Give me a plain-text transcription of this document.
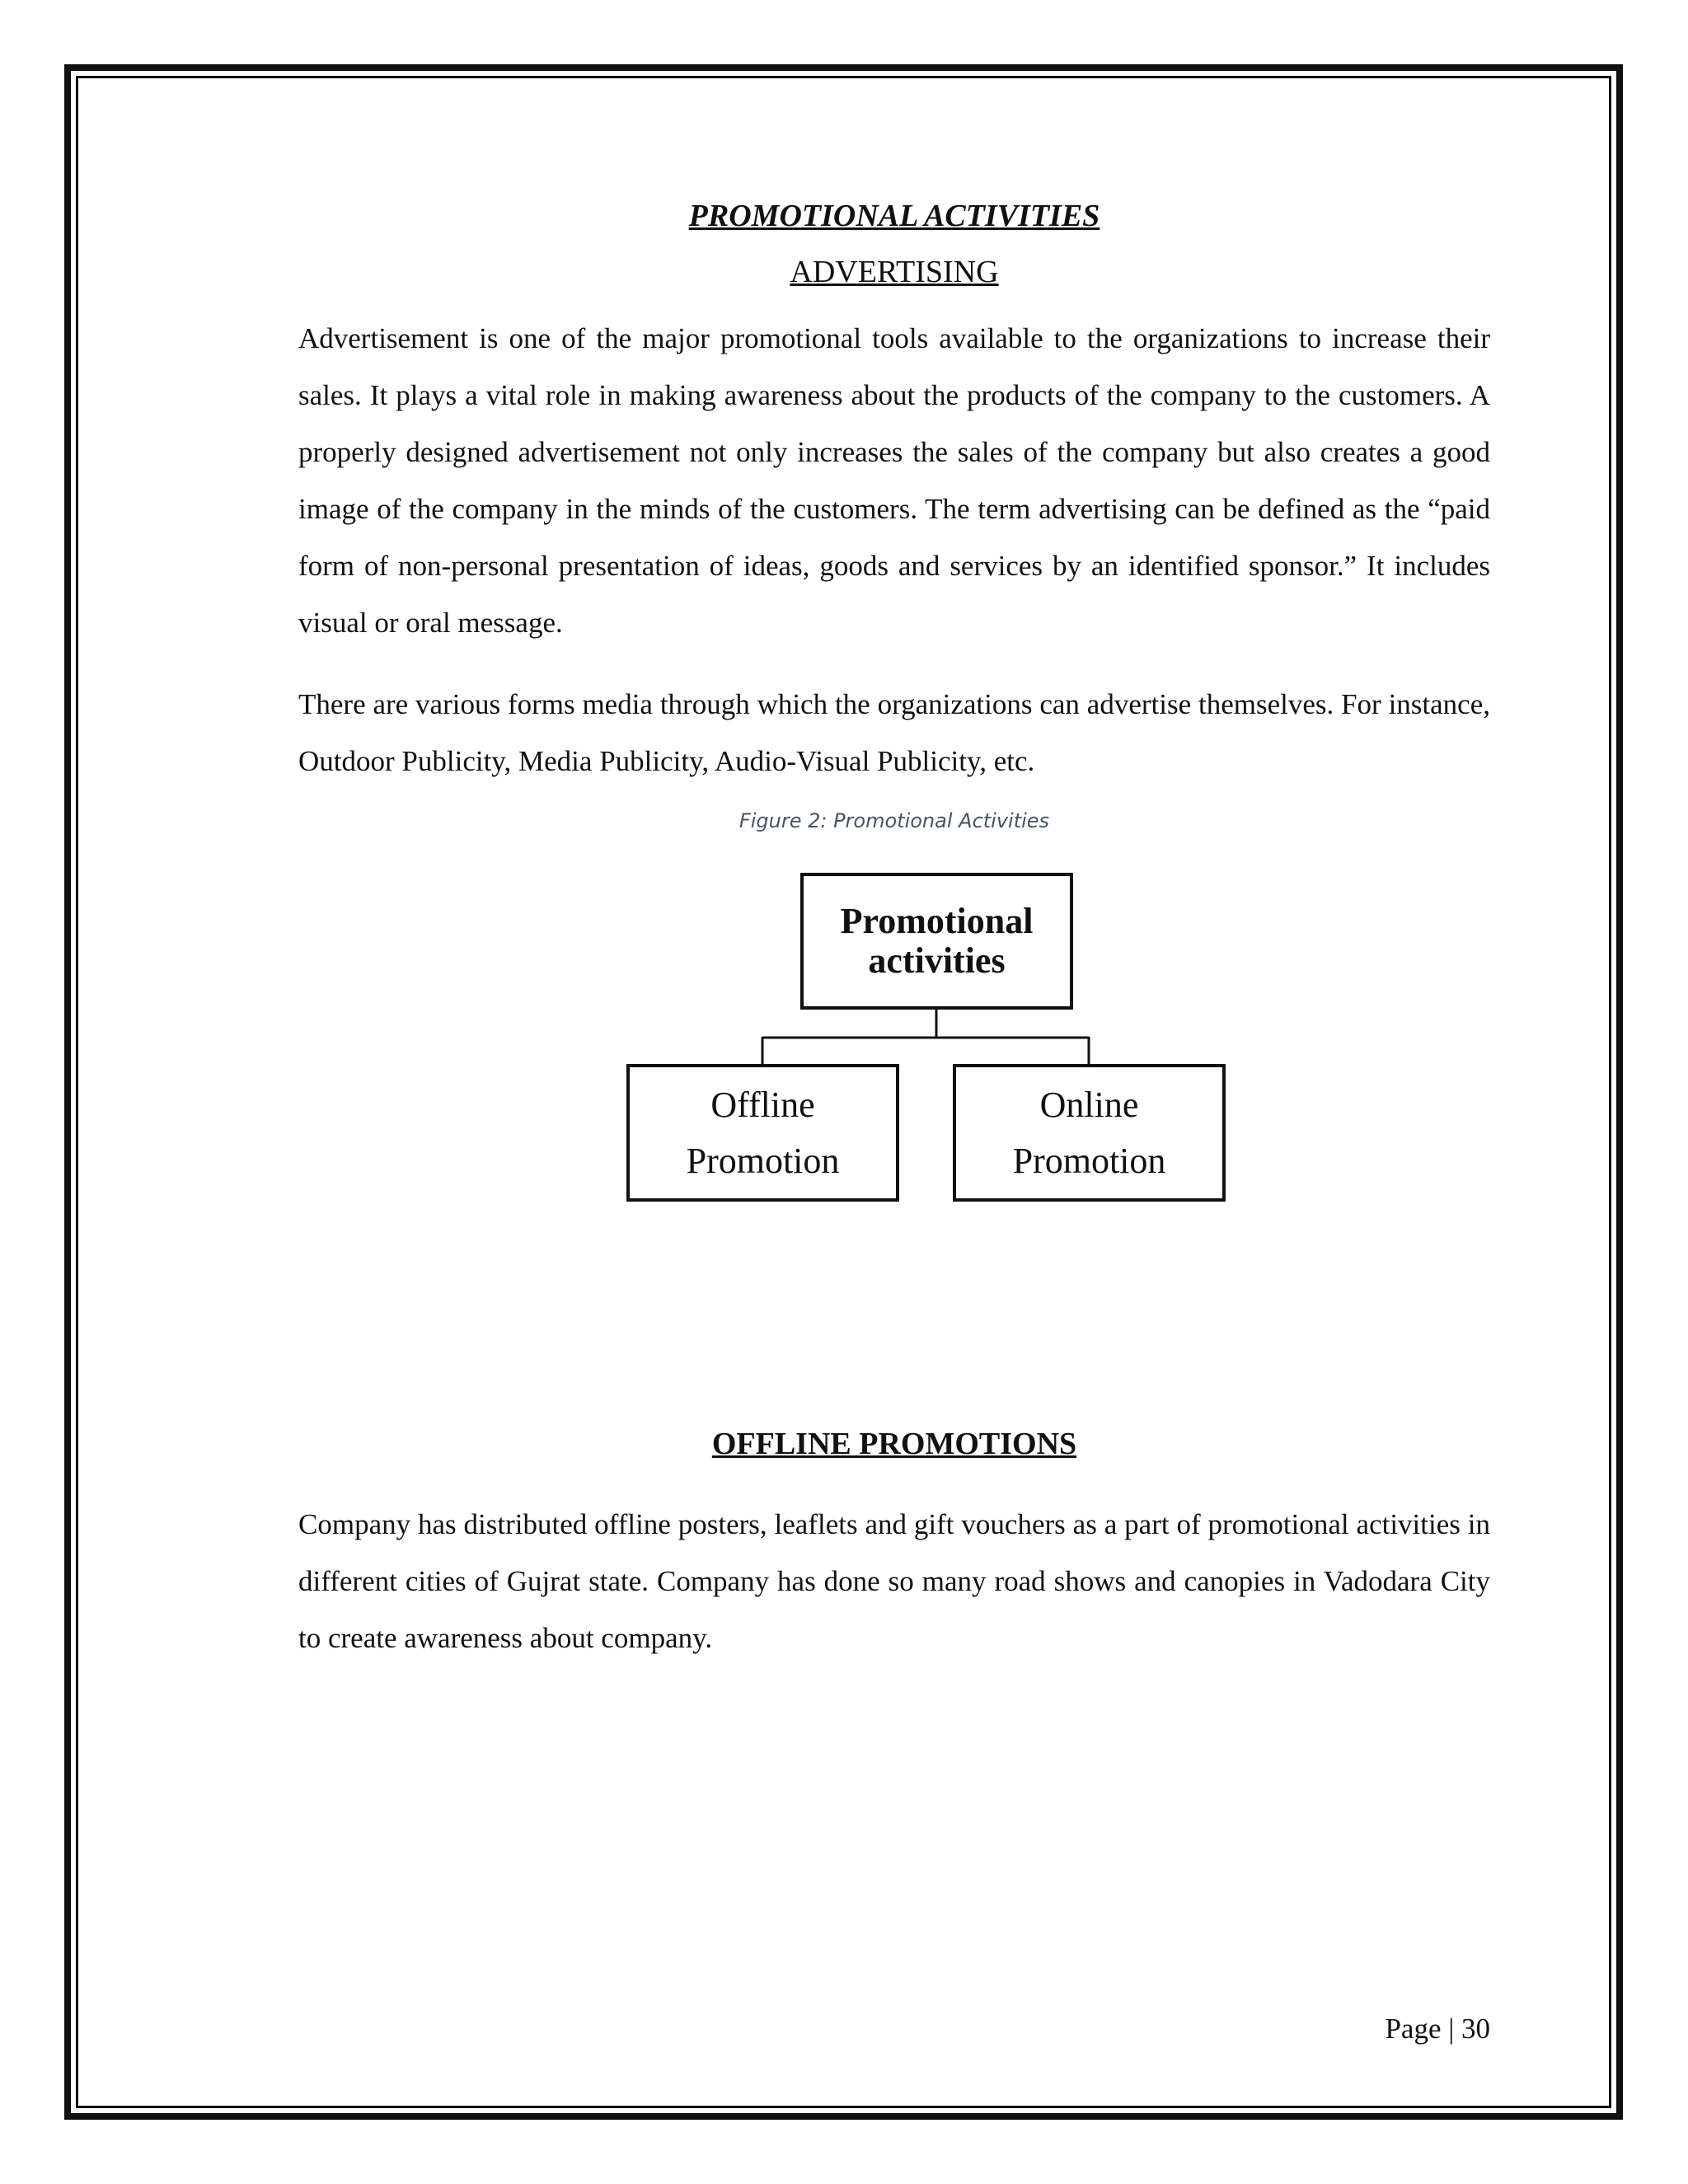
PROMOTIONAL ACTIVITIES
ADVERTISING

Advertisement is one of the major promotional tools available to the organizations to increase their sales. It plays a vital role in making awareness about the products of the company to the customers. A properly designed advertisement not only increases the sales of the company but also creates a good image of the company in the minds of the customers. The term advertising can be defined as the “paid form of non-personal presentation of ideas, goods and services by an identified sponsor.” It includes visual or oral message.

There are various forms media through which the organizations can advertise themselves. For instance, Outdoor Publicity, Media Publicity, Audio-Visual Publicity, etc.

Figure 2: Promotional Activities
Promotional
activities
Offline
Promotion
Online
Promotion
OFFLINE PROMOTIONS

Company has distributed offline posters, leaflets and gift vouchers as a part of promotional activities in different cities of Gujrat state. Company has done so many road shows and canopies in Vadodara City to create awareness about company.

Page | 30
